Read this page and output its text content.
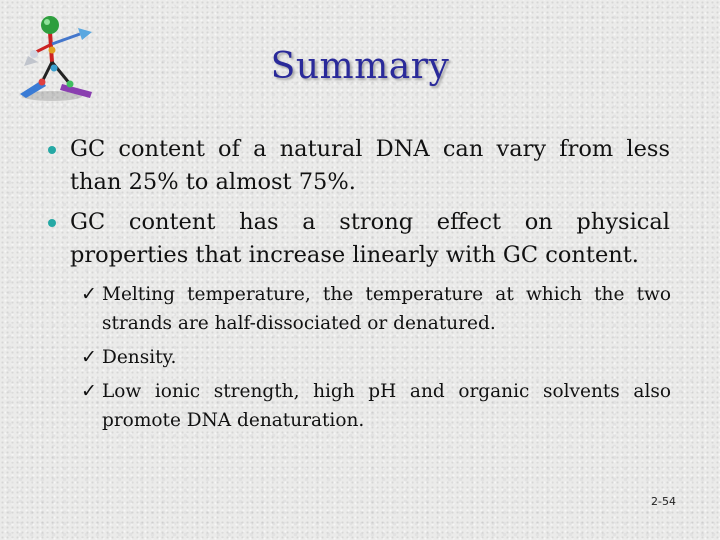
Summary
GC content of a natural DNA can vary from less than 25% to almost 75%.
GC content has a strong effect on physical properties that increase linearly with GC content.
✓ Melting temperature, the temperature at which the two strands are half-dissociated or denatured.
✓ Density.
✓ Low ionic strength, high pH and organic solvents also promote DNA denaturation.
2-54
